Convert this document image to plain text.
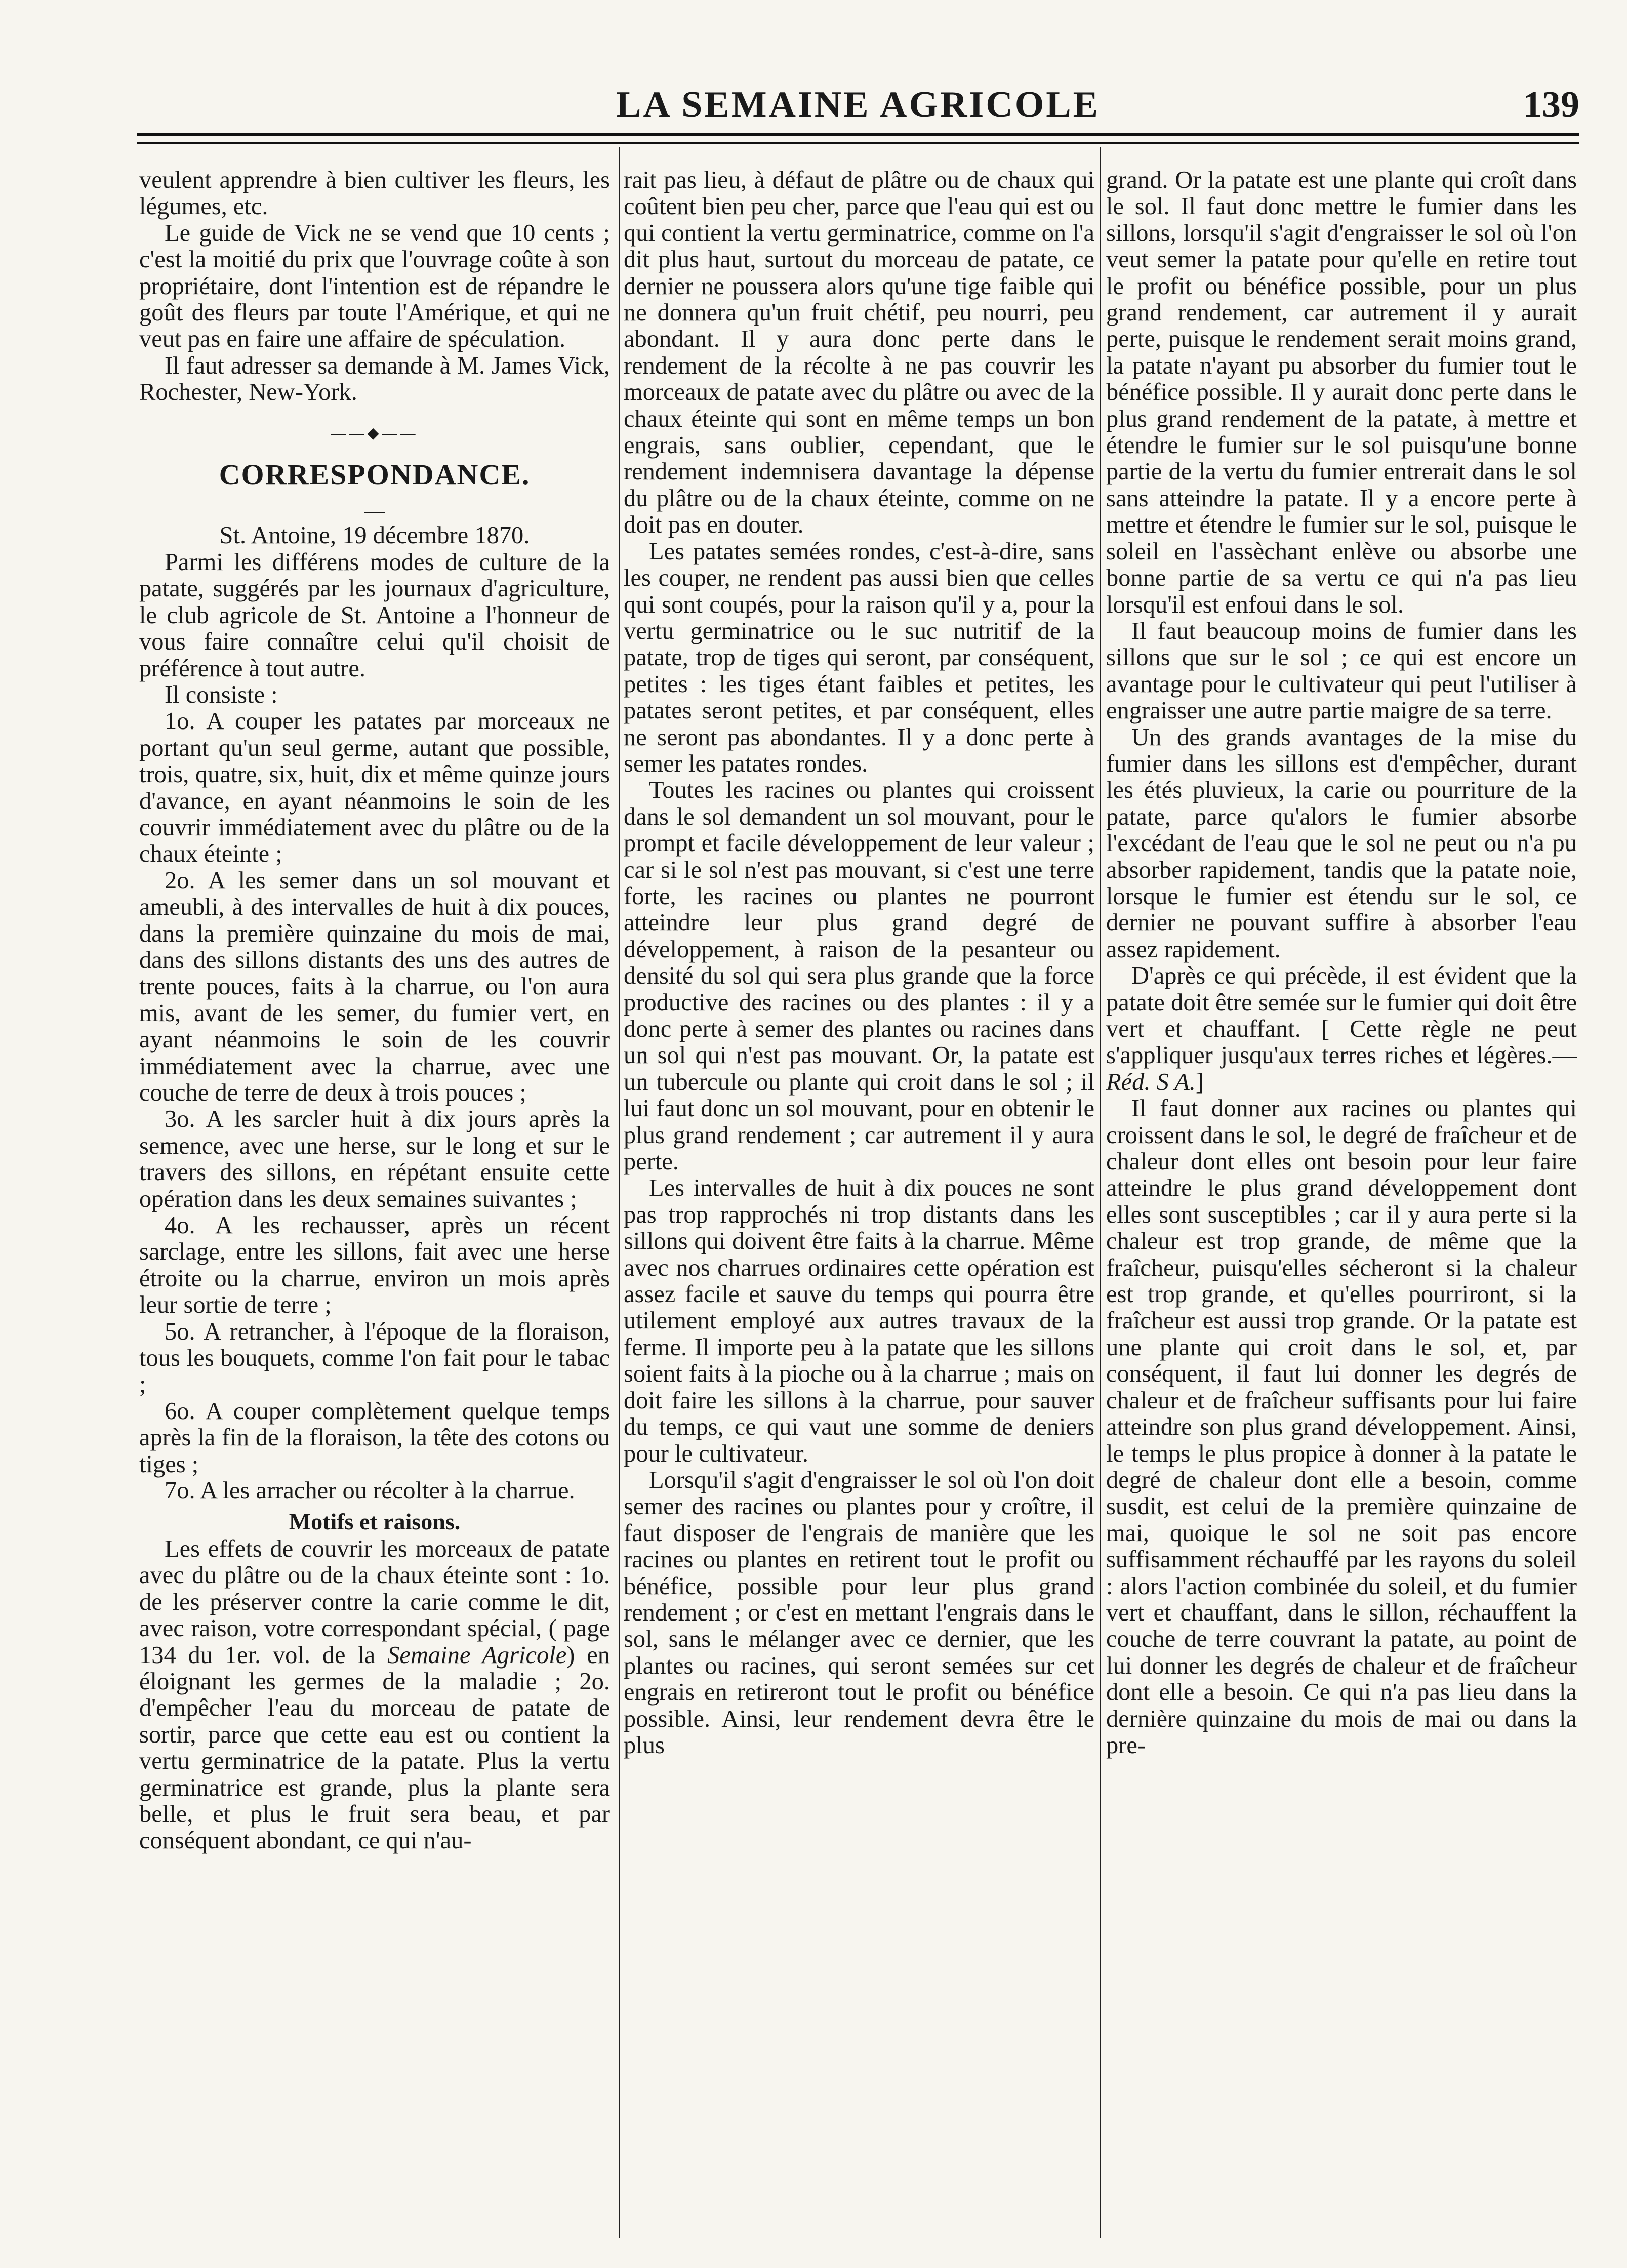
LA SEMAINE AGRICOLE	139

veulent apprendre à bien cultiver les fleurs, les légumes, etc.

Le guide de Vick ne se vend que 10 cents ; c'est la moitié du prix que l'ouvrage coûte à son propriétaire, dont l'intention est de répandre le goût des fleurs par toute l'Amérique, et qui ne veut pas en faire une affaire de spéculation.

Il faut adresser sa demande à M. James Vick, Rochester, New-York.

——◆——

CORRESPONDANCE.

—

St. Antoine, 19 décembre 1870.

Parmi les différens modes de culture de la patate, suggérés par les journaux d'agriculture, le club agricole de St. Antoine a l'honneur de vous faire connaître celui qu'il choisit de préférence à tout autre.

Il consiste :

1o. A couper les patates par morceaux ne portant qu'un seul germe, autant que possible, trois, quatre, six, huit, dix et même quinze jours d'avance, en ayant néanmoins le soin de les couvrir immédiatement avec du plâtre ou de la chaux éteinte ;

2o. A les semer dans un sol mouvant et ameubli, à des intervalles de huit à dix pouces, dans la première quinzaine du mois de mai, dans des sillons distants des uns des autres de trente pouces, faits à la charrue, ou l'on aura mis, avant de les semer, du fumier vert, en ayant néanmoins le soin de les couvrir immédiatement avec la charrue, avec une couche de terre de deux à trois pouces ;

3o. A les sarcler huit à dix jours après la semence, avec une herse, sur le long et sur le travers des sillons, en répétant ensuite cette opération dans les deux semaines suivantes ;

4o. A les rechausser, après un récent sarclage, entre les sillons, fait avec une herse étroite ou la charrue, environ un mois après leur sortie de terre ;

5o. A retrancher, à l'époque de la floraison, tous les bouquets, comme l'on fait pour le tabac ;

6o. A couper complètement quelque temps après la fin de la floraison, la tête des cotons ou tiges ;

7o. A les arracher ou récolter à la charrue.

Motifs et raisons.

Les effets de couvrir les morceaux de patate avec du plâtre ou de la chaux éteinte sont : 1o. de les préserver contre la carie comme le dit, avec raison, votre correspondant spécial, ( page 134 du 1er. vol. de la Semaine Agricole) en éloignant les germes de la maladie ; 2o. d'empêcher l'eau du morceau de patate de sortir, parce que cette eau est ou contient la vertu germinatrice de la patate. Plus la vertu germinatrice est grande, plus la plante sera belle, et plus le fruit sera beau, et par conséquent abondant, ce qui n'au-

rait pas lieu, à défaut de plâtre ou de chaux qui coûtent bien peu cher, parce que l'eau qui est ou qui contient la vertu germinatrice, comme on l'a dit plus haut, surtout du morceau de patate, ce dernier ne poussera alors qu'une tige faible qui ne donnera qu'un fruit chétif, peu nourri, peu abondant. Il y aura donc perte dans le rendement de la récolte à ne pas couvrir les morceaux de patate avec du plâtre ou avec de la chaux éteinte qui sont en même temps un bon engrais, sans oublier, cependant, que le rendement indemnisera davantage la dépense du plâtre ou de la chaux éteinte, comme on ne doit pas en douter.

Les patates semées rondes, c'est-à-dire, sans les couper, ne rendent pas aussi bien que celles qui sont coupés, pour la raison qu'il y a, pour la vertu germinatrice ou le suc nutritif de la patate, trop de tiges qui seront, par conséquent, petites : les tiges étant faibles et petites, les patates seront petites, et par conséquent, elles ne seront pas abondantes. Il y a donc perte à semer les patates rondes.

Toutes les racines ou plantes qui croissent dans le sol demandent un sol mouvant, pour le prompt et facile développement de leur valeur ; car si le sol n'est pas mouvant, si c'est une terre forte, les racines ou plantes ne pourront atteindre leur plus grand degré de développement, à raison de la pesanteur ou densité du sol qui sera plus grande que la force productive des racines ou des plantes : il y a donc perte à semer des plantes ou racines dans un sol qui n'est pas mouvant. Or, la patate est un tubercule ou plante qui croit dans le sol ; il lui faut donc un sol mouvant, pour en obtenir le plus grand rendement ; car autrement il y aura perte.

Les intervalles de huit à dix pouces ne sont pas trop rapprochés ni trop distants dans les sillons qui doivent être faits à la charrue. Même avec nos charrues ordinaires cette opération est assez facile et sauve du temps qui pourra être utilement employé aux autres travaux de la ferme. Il importe peu à la patate que les sillons soient faits à la pioche ou à la charrue ; mais on doit faire les sillons à la charrue, pour sauver du temps, ce qui vaut une somme de deniers pour le cultivateur.

Lorsqu'il s'agit d'engraisser le sol où l'on doit semer des racines ou plantes pour y croître, il faut disposer de l'engrais de manière que les racines ou plantes en retirent tout le profit ou bénéfice, possible pour leur plus grand rendement ; or c'est en mettant l'engrais dans le sol, sans le mélanger avec ce dernier, que les plantes ou racines, qui seront semées sur cet engrais en retireront tout le profit ou bénéfice possible. Ainsi, leur rendement devra être le plus

grand. Or la patate est une plante qui croît dans le sol. Il faut donc mettre le fumier dans les sillons, lorsqu'il s'agit d'engraisser le sol où l'on veut semer la patate pour qu'elle en retire tout le profit ou bénéfice possible, pour un plus grand rendement, car autrement il y aurait perte, puisque le rendement serait moins grand, la patate n'ayant pu absorber du fumier tout le bénéfice possible. Il y aurait donc perte dans le plus grand rendement de la patate, à mettre et étendre le fumier sur le sol puisqu'une bonne partie de la vertu du fumier entrerait dans le sol sans atteindre la patate. Il y a encore perte à mettre et étendre le fumier sur le sol, puisque le soleil en l'assèchant enlève ou absorbe une bonne partie de sa vertu ce qui n'a pas lieu lorsqu'il est enfoui dans le sol.

Il faut beaucoup moins de fumier dans les sillons que sur le sol ; ce qui est encore un avantage pour le cultivateur qui peut l'utiliser à engraisser une autre partie maigre de sa terre.

Un des grands avantages de la mise du fumier dans les sillons est d'empêcher, durant les étés pluvieux, la carie ou pourriture de la patate, parce qu'alors le fumier absorbe l'excédant de l'eau que le sol ne peut ou n'a pu absorber rapidement, tandis que la patate noie, lorsque le fumier est étendu sur le sol, ce dernier ne pouvant suffire à absorber l'eau assez rapidement.

D'après ce qui précède, il est évident que la patate doit être semée sur le fumier qui doit être vert et chauffant. [ Cette règle ne peut s'appliquer jusqu'aux terres riches et légères.— Réd. S A.]

Il faut donner aux racines ou plantes qui croissent dans le sol, le degré de fraîcheur et de chaleur dont elles ont besoin pour leur faire atteindre le plus grand développement dont elles sont susceptibles ; car il y aura perte si la chaleur est trop grande, de même que la fraîcheur, puisqu'elles sécheront si la chaleur est trop grande, et qu'elles pourriront, si la fraîcheur est aussi trop grande. Or la patate est une plante qui croit dans le sol, et, par conséquent, il faut lui donner les degrés de chaleur et de fraîcheur suffisants pour lui faire atteindre son plus grand développement. Ainsi, le temps le plus propice à donner à la patate le degré de chaleur dont elle a besoin, comme susdit, est celui de la première quinzaine de mai, quoique le sol ne soit pas encore suffisamment réchauffé par les rayons du soleil : alors l'action combinée du soleil, et du fumier vert et chauffant, dans le sillon, réchauffent la couche de terre couvrant la patate, au point de lui donner les degrés de chaleur et de fraîcheur dont elle a besoin. Ce qui n'a pas lieu dans la dernière quinzaine du mois de mai ou dans la pre-
